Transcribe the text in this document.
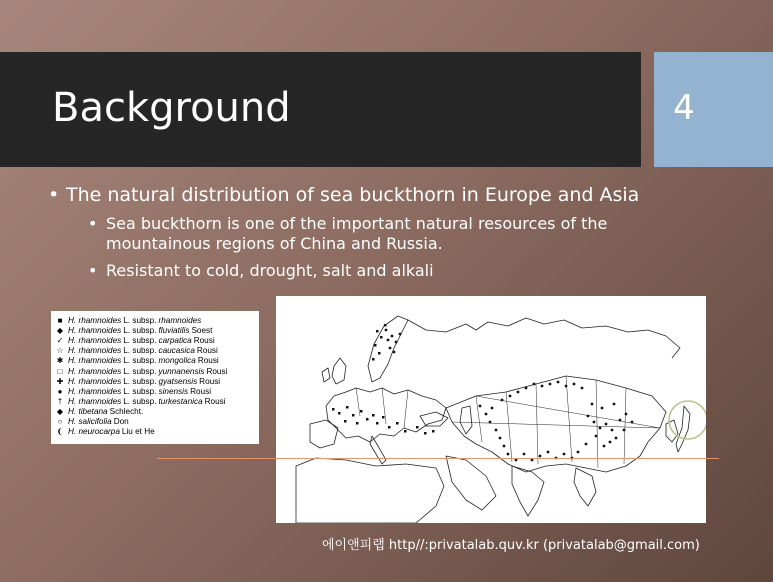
Background	4
• The natural distribution of sea buckthorn in Europe and Asia
• Sea buckthorn is one of the important natural resources of the mountainous regions of China and Russia.
• Resistant to cold, drought, salt and alkali
■ H. rhamnoides L. subsp. rhamnoides
◆ H. rhamnoides L. subsp. fluviatilis Soest
✓ H. rhamnoides L. subsp. carpatica Rousi
☆ H. rhamnoides L. subsp. caucasica Rousi
✱ H. rhamnoides L. subsp. mongolica Rousi
□ H. rhamnoides L. subsp. yunnanensis Rousi
✚ H. rhamnoides L. subsp. gyatsensis Rousi
● H. rhamnoides L. subsp. sinensis Rousi
† H. rhamnoides L. subsp. turkestanica Rousi
◆ H. tibetana Schlecht.
○ H. salicifolia Don
❨ H. neurocarpa Liu et He
에이앤피랩 http//:privatalab.quv.kr (privatalab@gmail.com)
